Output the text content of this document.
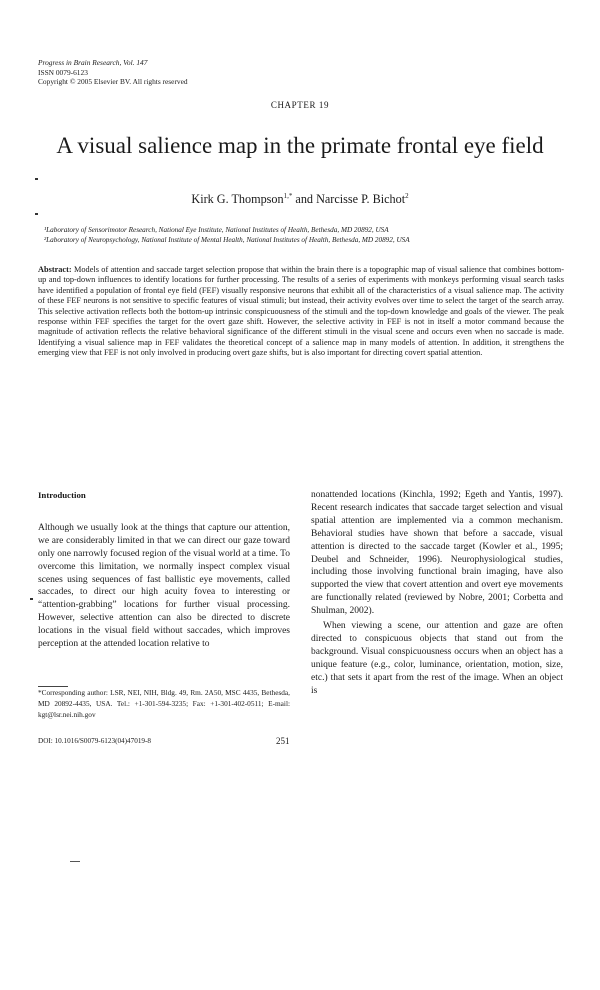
Progress in Brain Research, Vol. 147
ISSN 0079-6123
Copyright © 2005 Elsevier BV. All rights reserved
CHAPTER 19
A visual salience map in the primate frontal eye field
Kirk G. Thompson$^{1,*}$ and Narcisse P. Bichot$^2$
¹Laboratory of Sensorimotor Research, National Eye Institute, National Institutes of Health, Bethesda, MD 20892, USA
²Laboratory of Neuropsychology, National Institute of Mental Health, National Institutes of Health, Bethesda, MD 20892, USA
Abstract: Models of attention and saccade target selection propose that within the brain there is a topographic map of visual salience that combines bottom-up and top-down influences to identify locations for further processing. The results of a series of experiments with monkeys performing visual search tasks have identified a population of frontal eye field (FEF) visually responsive neurons that exhibit all of the characteristics of a visual salience map. The activity of these FEF neurons is not sensitive to specific features of visual stimuli; but instead, their activity evolves over time to select the target of the search array. This selective activation reflects both the bottom-up intrinsic conspicuousness of the stimuli and the top-down knowledge and goals of the viewer. The peak response within FEF specifies the target for the overt gaze shift. However, the selective activity in FEF is not in itself a motor command because the magnitude of activation reflects the relative behavioral significance of the different stimuli in the visual scene and occurs even when no saccade is made. Identifying a visual salience map in FEF validates the theoretical concept of a salience map in many models of attention. In addition, it strengthens the emerging view that FEF is not only involved in producing overt gaze shifts, but is also important for directing covert spatial attention.
Introduction

Although we usually look at the things that capture our attention, we are considerably limited in that we can direct our gaze toward only one narrowly focused region of the visual world at a time. To overcome this limitation, we normally inspect complex visual scenes using sequences of fast ballistic eye movements, called saccades, to direct our high acuity fovea to interesting or “attention-grabbing” locations for further visual processing. However, selective attention can also be directed to discrete locations in the visual field without saccades, which improves perception at the attended location relative to

nonattended locations (Kinchla, 1992; Egeth and Yantis, 1997). Recent research indicates that saccade target selection and visual spatial attention are implemented via a common mechanism. Behavioral studies have shown that before a saccade, visual attention is directed to the saccade target (Kowler et al., 1995; Deubel and Schneider, 1996). Neurophysiological studies, including those involving functional brain imaging, have also supported the view that covert attention and overt eye movements are functionally related (reviewed by Nobre, 2001; Corbetta and Shulman, 2002).

When viewing a scene, our attention and gaze are often directed to conspicuous objects that stand out from the background. Visual conspicuousness occurs when an object has a unique feature (e.g., color, luminance, orientation, motion, size, etc.) that sets it apart from the rest of the image. When an object is

*Corresponding author: LSR, NEI, NIH, Bldg. 49, Rm. 2A50, MSC 4435, Bethesda, MD 20892-4435, USA. Tel.: +1-301-594-3235; Fax: +1-301-402-0511; E-mail: kgt@lsr.nei.nih.gov
DOI: 10.1016/S0079-6123(04)47019-8	251
